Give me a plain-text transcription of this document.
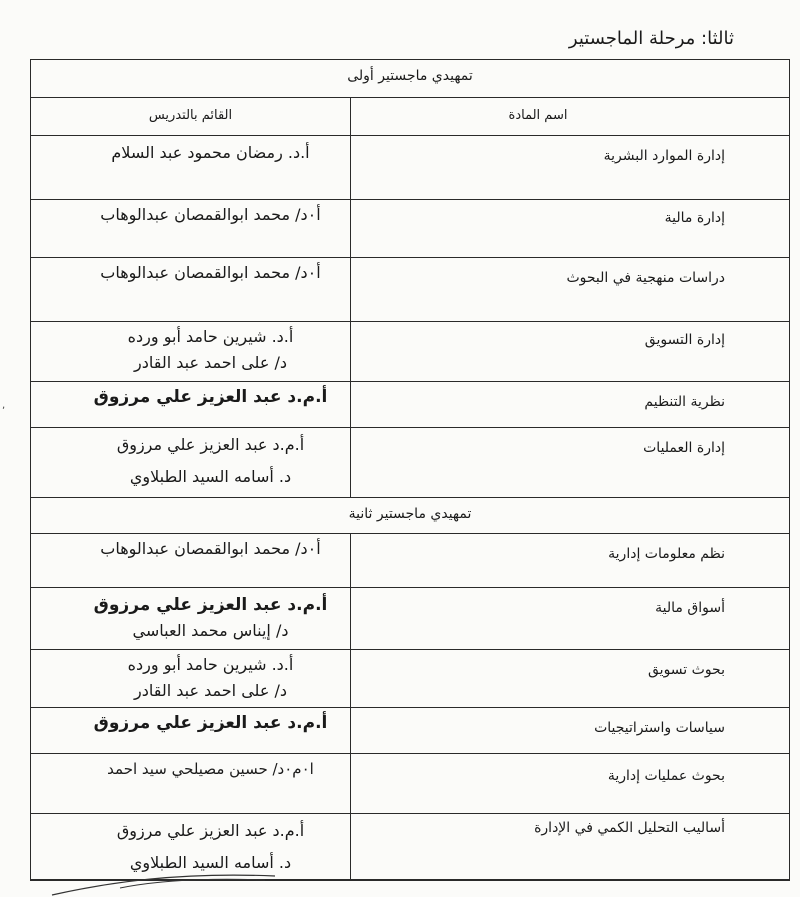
ثالثا: مرحلة الماجستير
تمهيدي ماجستير أولى	
اسم المادة	القائم بالتدريس
إدارة الموارد البشرية	أ.د. رمضان محمود عبد السلام

إدارة مالية	أ٠د/ محمد ابوالقمصان عبدالوهاب

دراسات منهجية في البحوث	أ٠د/ محمد ابوالقمصان عبدالوهاب

إدارة التسويق	أ.د. شيرين حامد أبو ورده
د/ على احمد عبد القادر

نظرية التنظيم	أ.م.د عبد العزيز علي مرزوق

إدارة العمليات	أ.م.د عبد العزيز علي مرزوق
د. أسامه السيد الطبلاوي

تمهيدي ماجستير ثانية	
نظم معلومات إدارية	أ٠د/ محمد ابوالقمصان عبدالوهاب

أسواق مالية	أ.م.د عبد العزيز علي مرزوق
د/ إيناس محمد العباسي

بحوث تسويق	أ.د. شيرين حامد أبو ورده
د/ على احمد عبد القادر

سياسات واستراتيجيات	أ.م.د عبد العزيز علي مرزوق

بحوث عمليات إدارية	ا٠م٠د/ حسين مصيلحي سيد احمد

أساليب التحليل الكمي في الإدارة	أ.م.د عبد العزيز علي مرزوق
د. أسامه السيد الطبلاوي
,
